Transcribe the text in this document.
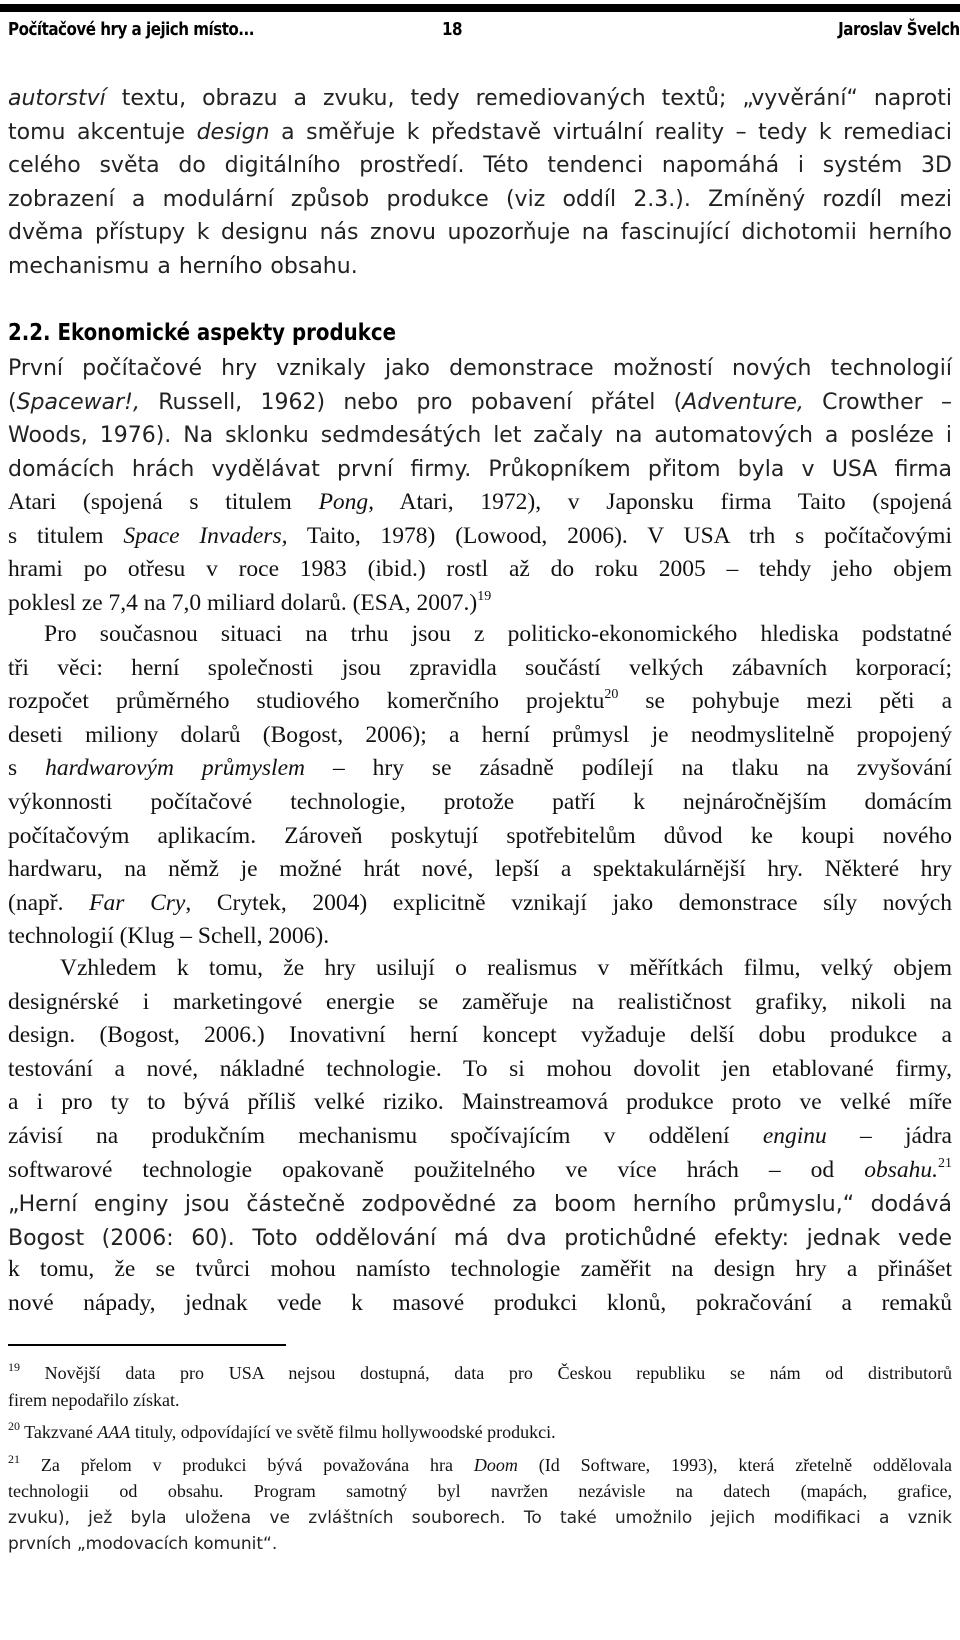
Počítačové hry a jejich místo...	18	Jaroslav Švelch
autorství textu, obrazu a zvuku, tedy remediovaných textů; „vyvěrání“ naproti
tomu akcentuje design a směřuje k představě virtuální reality – tedy k remediaci
celého světa do digitálního prostředí. Této tendenci napomáhá i systém 3D
zobrazení a modulární způsob produkce (viz oddíl 2.3.). Zmíněný rozdíl mezi
dvěma přístupy k designu nás znovu upozorňuje na fascinující dichotomii herního
mechanismu a herního obsahu.
2.2. Ekonomické aspekty produkce
První počítačové hry vznikaly jako demonstrace možností nových technologií
(Spacewar!, Russell, 1962) nebo pro pobavení přátel (Adventure, Crowther –
Woods, 1976). Na sklonku sedmdesátých let začaly na automatových a posléze i
domácích hrách vydělávat první firmy. Průkopníkem přitom byla v USA firma
Atari (spojená s titulem Pong, Atari, 1972), v Japonsku firma Taito (spojená
s titulem Space Invaders, Taito, 1978) (Lowood, 2006). V USA trh s počítačovými
hrami po otřesu v roce 1983 (ibid.) rostl až do roku 2005 – tehdy jeho objem
poklesl ze 7,4 na 7,0 miliard dolarů. (ESA, 2007.)$^{19}$
Pro současnou situaci na trhu jsou z politicko-ekonomického hlediska podstatné
tři věci: herní společnosti jsou zpravidla součástí velkých zábavních korporací;
rozpočet průměrného studiového komerčního projektu$^{20}$ se pohybuje mezi pěti a
deseti miliony dolarů (Bogost, 2006); a herní průmysl je neodmyslitelně propojený
s hardwarovým průmyslem – hry se zásadně podílejí na tlaku na zvyšování
výkonnosti počítačové technologie, protože patří k nejnáročnějším domácím
počítačovým aplikacím. Zároveň poskytují spotřebitelům důvod ke koupi nového
hardwaru, na němž je možné hrát nové, lepší a spektakulárnější hry. Některé hry
(např. Far Cry, Crytek, 2004) explicitně vznikají jako demonstrace síly nových
technologií (Klug – Schell, 2006).
Vzhledem k tomu, že hry usilují o realismus v měřítkách filmu, velký objem
designérské i marketingové energie se zaměřuje na realističnost grafiky, nikoli na
design. (Bogost, 2006.) Inovativní herní koncept vyžaduje delší dobu produkce a
testování a nové, nákladné technologie. To si mohou dovolit jen etablované firmy,
a i pro ty to bývá příliš velké riziko. Mainstreamová produkce proto ve velké míře
závisí na produkčním mechanismu spočívajícím v oddělení enginu – jádra
softwarové technologie opakovaně použitelného ve více hrách – od obsahu.$^{21}$
„Herní enginy jsou částečně zodpovědné za boom herního průmyslu,“ dodává
Bogost (2006: 60). Toto oddělování má dva protichůdné efekty: jednak vede
k tomu, že se tvůrci mohou namísto technologie zaměřit na design hry a přinášet
nové nápady, jednak vede k masové produkci klonů, pokračování a remaků
$^{19}$ Novější data pro USA nejsou dostupná, data pro Českou republiku se nám od distributorů
firem nepodařilo získat.
$^{20}$ Takzvané AAA tituly, odpovídající ve světě filmu hollywoodské produkci.
$^{21}$ Za přelom v produkci bývá považována hra Doom (Id Software, 1993), která zřetelně oddělovala
technologii od obsahu. Program samotný byl navržen nezávisle na datech (mapách, grafice,
zvuku), jež byla uložena ve zvláštních souborech. To také umožnilo jejich modifikaci a vznik
prvních „modovacích komunit“.
